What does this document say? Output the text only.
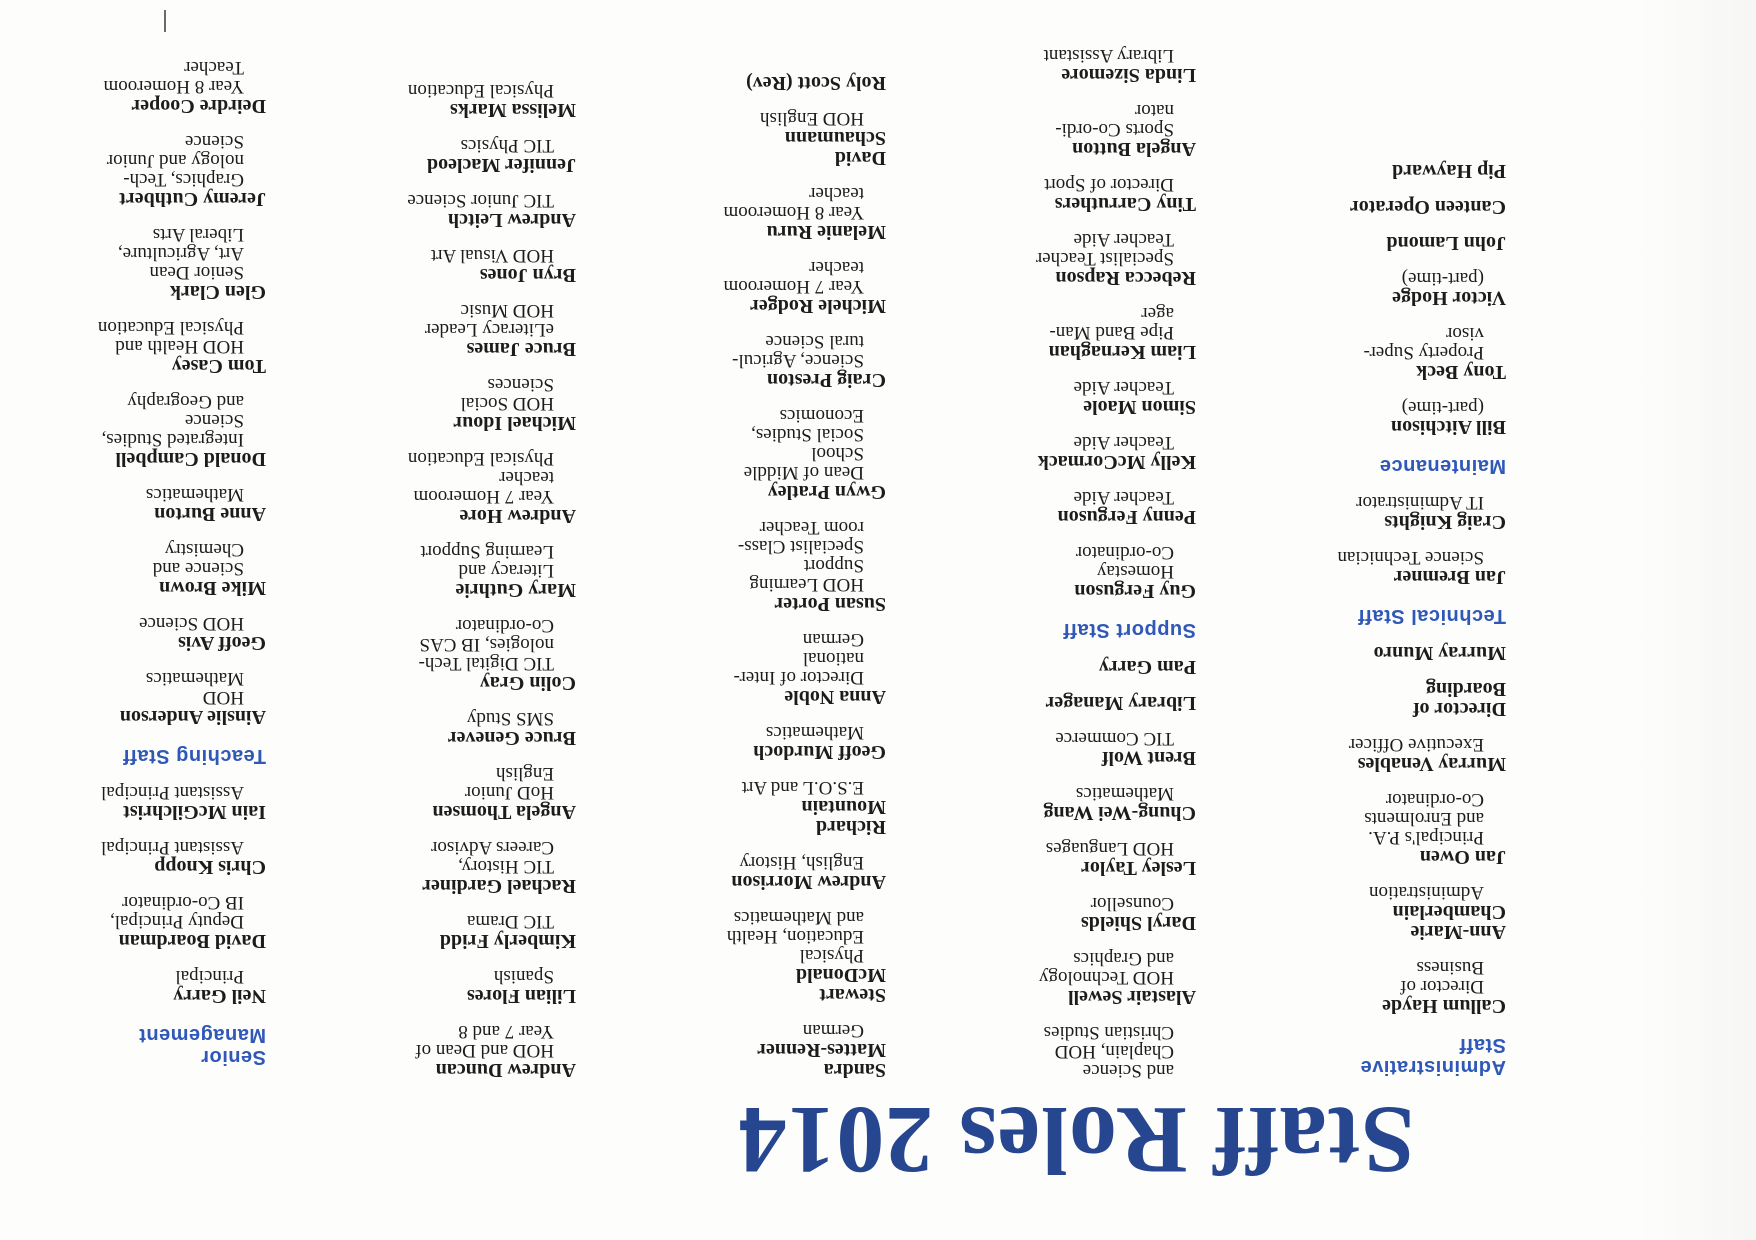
Staff Roles 2014
Senior
Management
Neil Garry
Principal
David Boardman
Deputy Principal,
IB Co-ordinator
Chris Knopp
Assistant Principal
Iain McGilchrist
Assistant Principal
Teaching Staff
Ainslie Anderson
HOD
Mathematics
Geoff Avis
HOD Science
Mike Brown
Science and
Chemistry
Anne Burton
Mathematics
Donald Campbell
Integrated Studies,
Science
and Geography
Tom Casey
HOD Health and
Physical Education
Glen Clark
Senior Dean
Art, Agriculture,
Liberal Arts
Jeremy Cuthbert
Graphics, Tech-
nology and Junior
Science
Deirdre Cooper
Year 8 Homeroom
Teacher
Andrew Duncan
HOD and Dean of
Year 7 and 8
Lilian Flores
Spanish
Kimberly Fridd
TIC Drama
Rachael Gardiner
TIC History,
Careers Advisor
Angela Thomsen
HoD Junior
English
Bruce Genever
SMS Study
Colin Gray
TIC Digital Tech-
nologies, IB CAS
Co-ordinator
Mary Guthrie
Literacy and
Learning Support
Andrew Hore
Year 7 Homeroom
teacher
Physical Education
Michael Idour
HOD Social
Sciences
Bruce James
eLiteracy Leader
HOD Music
Bryn Jones
HOD Visual Art
Andrew Leitch
TIC Junior Science
Jennifer Macleod
TIC Physics
Melissa Marks
Physical Education
Sandra
Mattes-Renner
German
Stewart
McDonald
Physical
Education, Health
and Mathematics
Andrew Morrison
English, History
Richard
Mountain
E.S.O.L and Art
Geoff Murdoch
Mathematics
Anna Noble
Director of Inter-
national
German
Susan Porter
HOD Learning
Support
Specialist Class-
room Teacher
Gwyn Pratley
Dean of Middle
School
Social Studies,
Economics
Craig Preston
Science, Agricul-
tural Science
Michele Rodger
Year 7 Homeroom
teacher
Melanie Ruru
Year 8 Homeroom
teacher
David
Schaumann
HOD English
Roly Scott (Rev)
and Science
Chaplain, HOD
Christian Studies
Alastair Sewell
HOD Technology
and Graphics
Daryl Shields
Counsellor
Lesley Taylor
HOD Languages
Chung-Wei Wang
Mathematics
Brent Wolf
TIC Commerce
Library Manager
Pam Garry
Support Staff
Guy Ferguson
Homestay
Co-ordinator
Penny Ferguson
Teacher Aide
Kelly McCormack
Teacher Aide
Simon Maole
Teacher Aide
Liam Kernaghan
Pipe Band Man-
ager
Rebecca Rapson
Specialist Teacher
Teacher Aide
Tiny Carruthers
Director of Sport
Angela Button
Sports Co-ordi-
nator
Linda Sizemore
Library Assistant
Administrative
Staff
Callum Hayde
Director of
Business
Ann-Marie
Chamberlain
Administration
Jan Owen
Principal's P.A.
and Enrolments
Co-ordinator
Murray Venables
Executive Officer
Director of
Boarding
Murray Munro
Technical Staff
Jan Bremner
Science Technician
Craig Knights
IT Administrator
Maintenance
Bill Aitchison
(part-time)
Tony Beck
Property Super-
visor
Victor Hodge
(part-time)
John Lamond
Canteen Operator
Pip Hayward
